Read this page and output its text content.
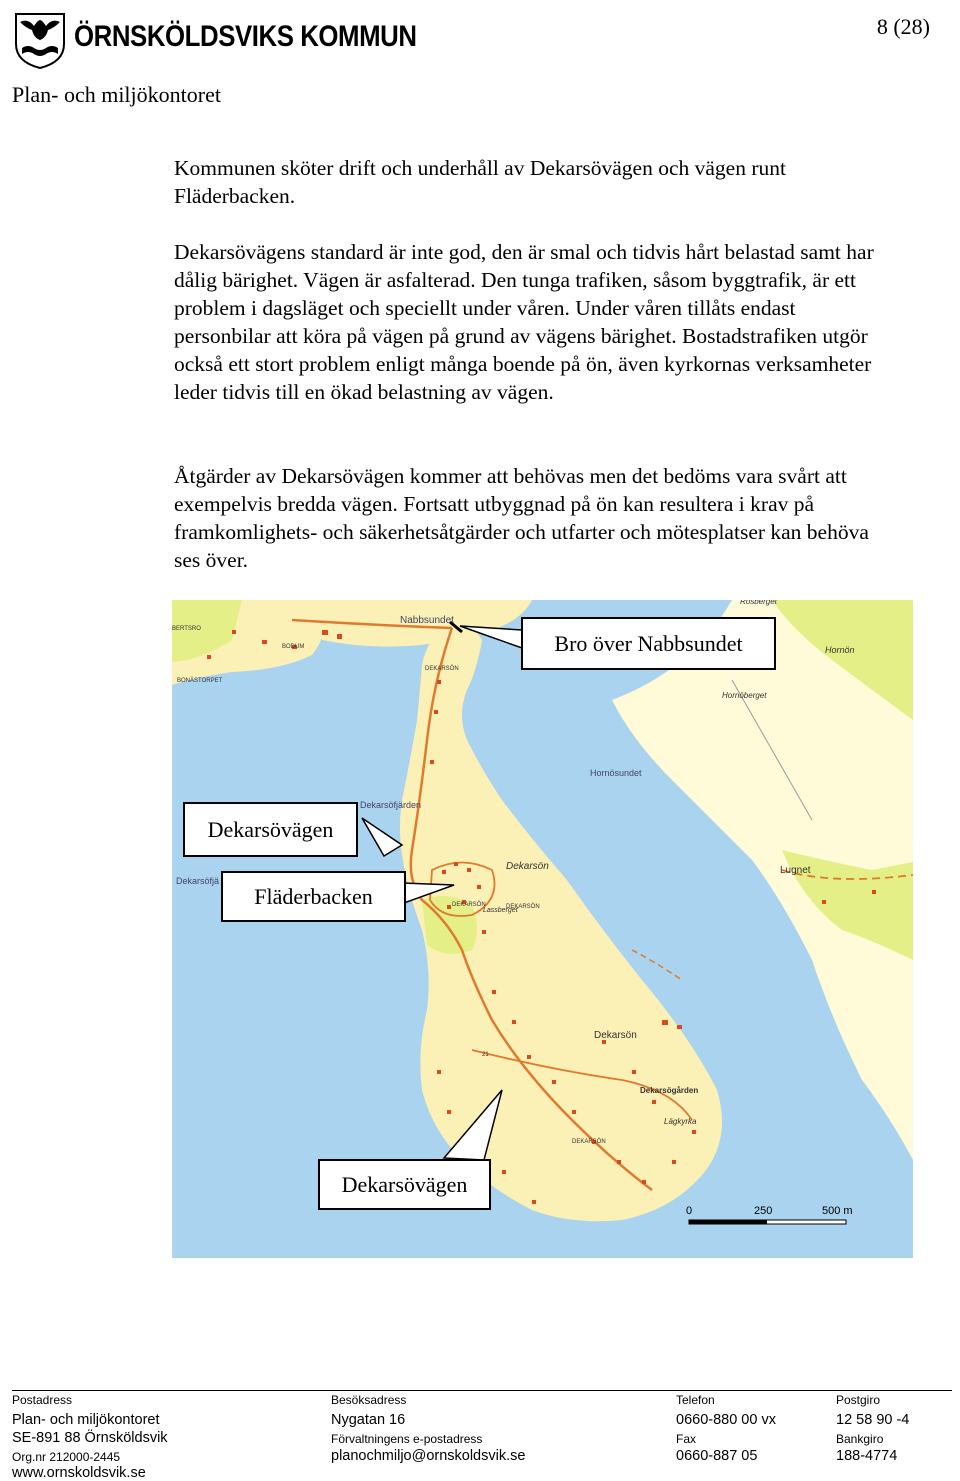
ÖRNSKÖLDSVIKS KOMMUN	8 (28)
Plan- och miljökontoret

Kommunen sköter drift och underhåll av Dekarsövägen och vägen runt Fläderbacken.

Dekarsövägens standard är inte god, den är smal och tidvis hårt belastad samt har dålig bärighet. Vägen är asfalterad. Den tunga trafiken, såsom byggtrafik, är ett problem i dagsläget och speciellt under våren. Under våren tillåts endast personbilar att köra på vägen på grund av vägens bärighet. Bostadstrafiken utgör också ett stort problem enligt många boende på ön, även kyrkornas verksamheter leder tidvis till en ökad belastning av vägen.

Åtgärder av Dekarsövägen kommer att behövas men det bedöms vara svårt att exempelvis bredda vägen. Fortsatt utbyggnad på ön kan resultera i krav på framkomlighets- och säkerhetsåtgärder och utfarter och mötesplatser kan behöva ses över.

Nabbsundet
Rosberget
BERTSRO
BODUM
DEKARSÖN
Hornön
BONÄSTORPET
Hornöberget
Hornösundet
Dekarsöfjärden
Dekarsöfjä
Dekarsön	Lugnet
DEKARSÖN
Lassberget
DEKARSÖN
Dekarsön
21
Dekarsögården
Lägkyrka
DEKARSÖN
0	250	500 m
Bro över Nabbsundet
Dekarsövägen
Fläderbacken
Dekarsövägen
Postadress
Plan- och miljökontoret
SE-891 88 Örnsköldsvik
Org.nr 212000-2445
www.ornskoldsvik.se
Besöksadress
Nygatan 16
Förvaltningens e-postadress
planochmiljo@ornskoldsvik.se
Telefon
0660-880 00 vx
Fax
0660-887 05
Postgiro
12 58 90 -4
Bankgiro
188-4774
